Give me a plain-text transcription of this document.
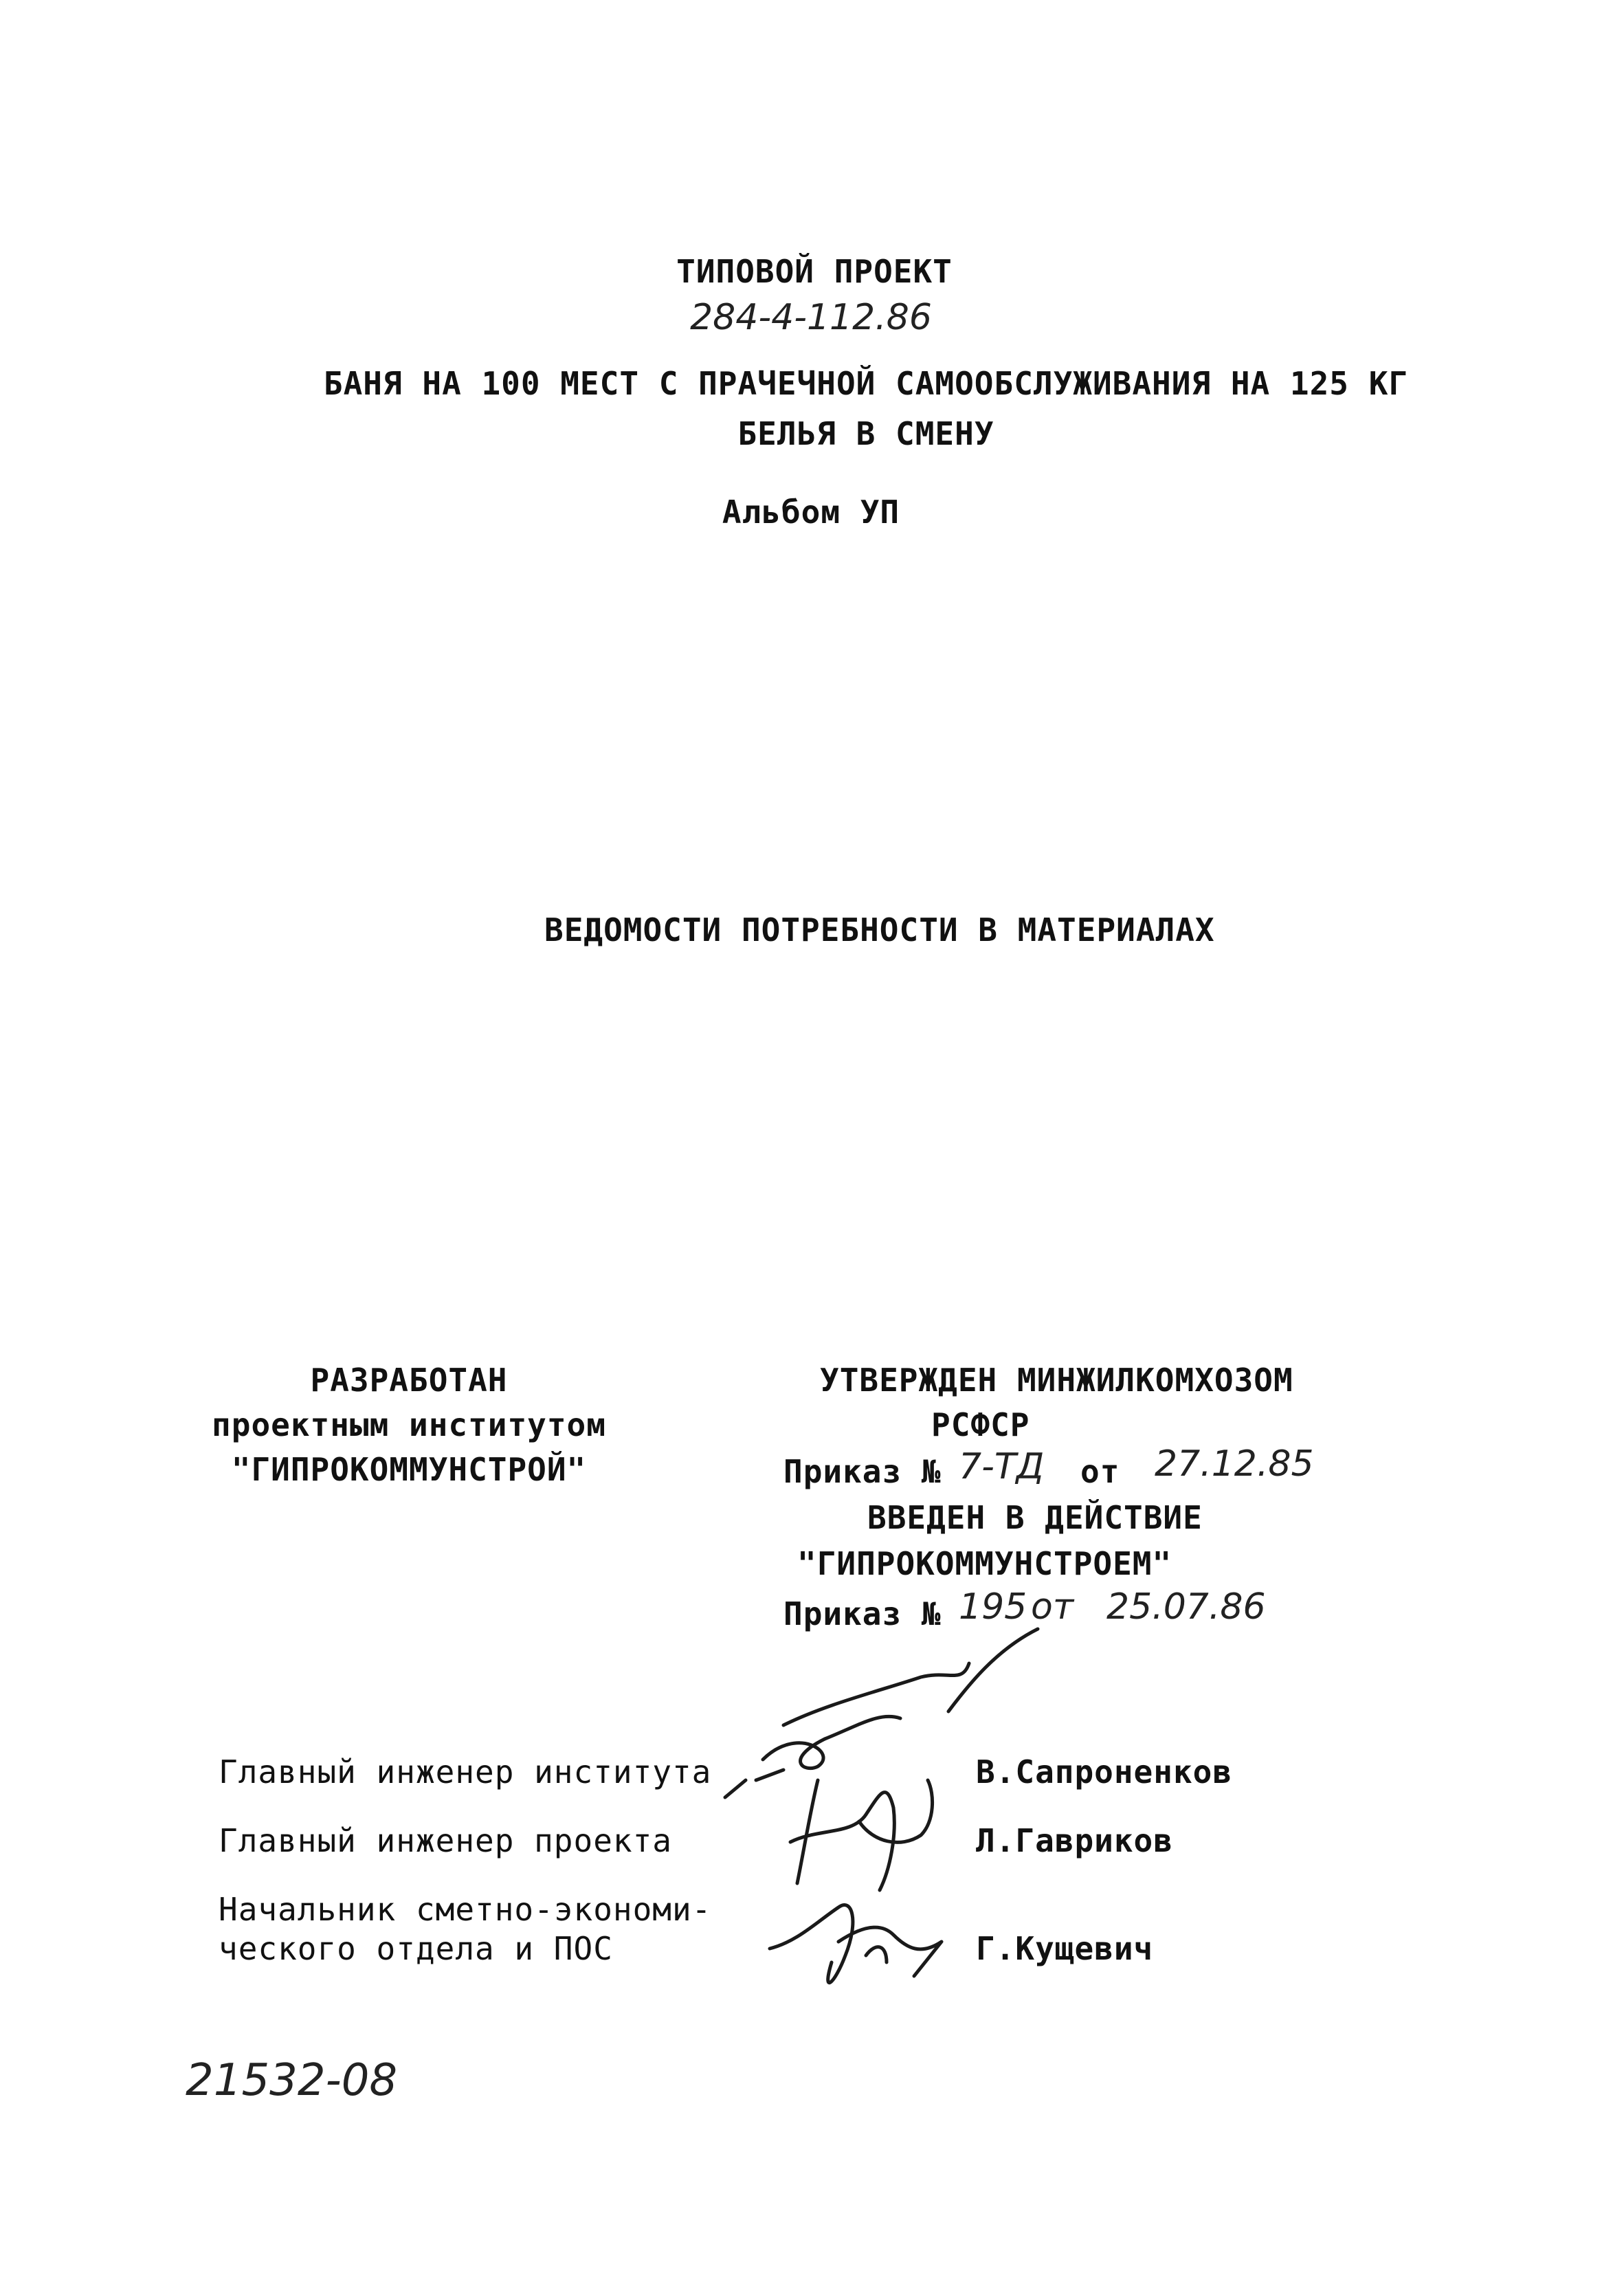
ТИПОВОЙ ПРОЕКТ
284-4-112.86
БАНЯ НА 100 МЕСТ С ПРАЧЕЧНОЙ САМООБСЛУЖИВАНИЯ НА 125 КГ
БЕЛЬЯ В СМЕНУ
Альбом УП
ВЕДОМОСТИ ПОТРЕБНОСТИ В МАТЕРИАЛАХ
РАЗРАБОТАН
проектным институтом
"ГИПРОКОММУНСТРОЙ"
УТВЕРЖДЕН МИНЖИЛКОМХОЗОМ
РСФСР
Приказ № 7-ТД от 27.12.85
ВВЕДЕН В ДЕЙСТВИЕ
"ГИПРОКОММУНСТРОЕМ"
Приказ № 195 от 25.07.86
Главный инженер института	В.Сапроненков
Главный инженер проекта	Л.Гавриков
Начальник сметно-экономи-
ческого отдела и ПОС	Г.Кущевич
21532-08
